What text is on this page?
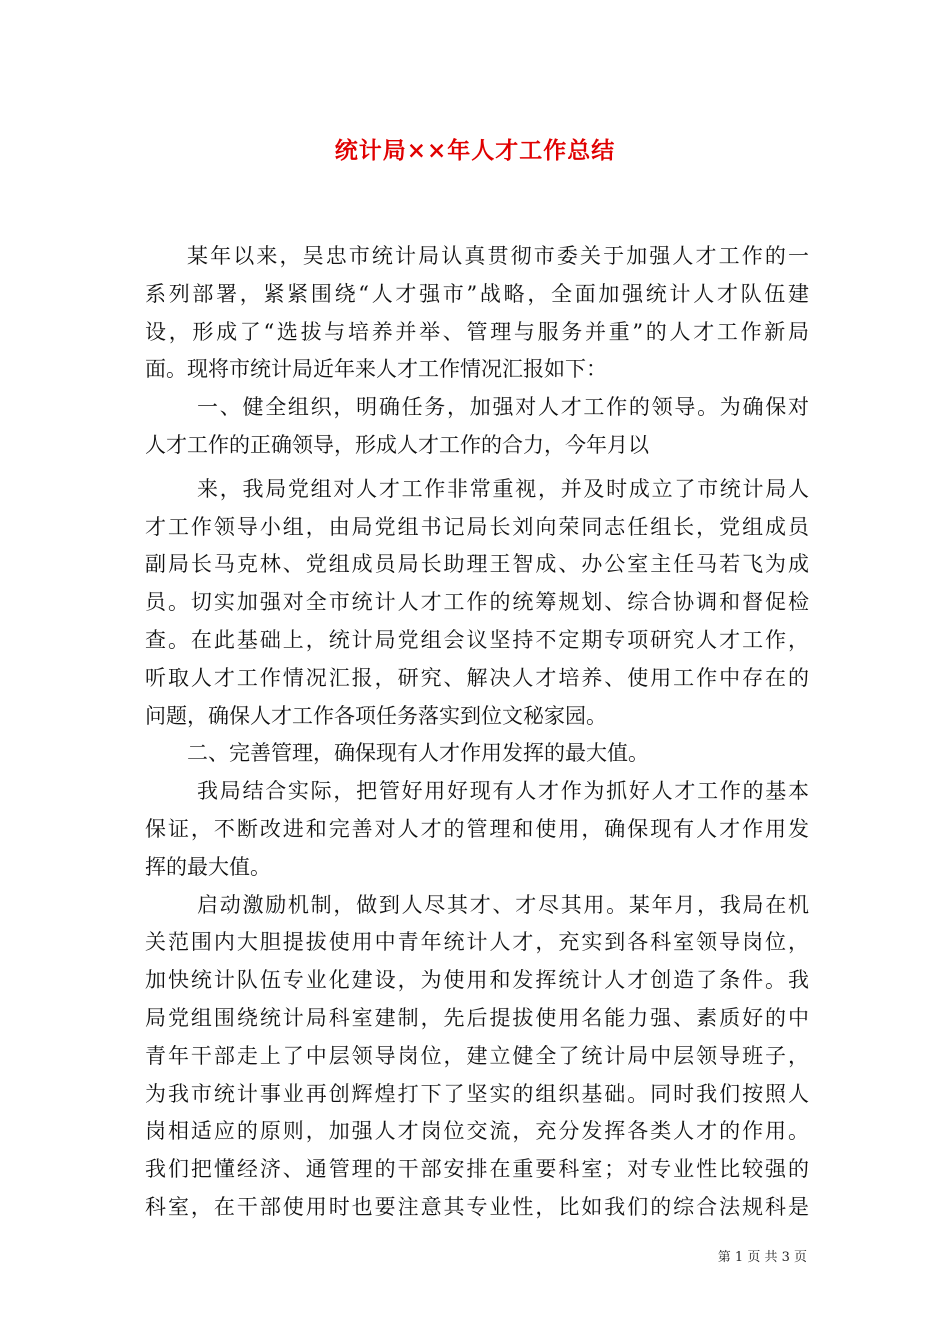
统计局××年人才工作总结
某年以来，吴忠市统计局认真贯彻市委关于加强人才工作的一
系列部署，紧紧围绕“人才强市”战略，全面加强统计人才队伍建
设，形成了“选拔与培养并举、管理与服务并重”的人才工作新局
面。现将市统计局近年来人才工作情况汇报如下：
一、健全组织，明确任务，加强对人才工作的领导。为确保对
人才工作的正确领导，形成人才工作的合力，今年月以
来，我局党组对人才工作非常重视，并及时成立了市统计局人
才工作领导小组，由局党组书记局长刘向荣同志任组长，党组成员
副局长马克林、党组成员局长助理王智成、办公室主任马若飞为成
员。切实加强对全市统计人才工作的统筹规划、综合协调和督促检
查。在此基础上，统计局党组会议坚持不定期专项研究人才工作，
听取人才工作情况汇报，研究、解决人才培养、使用工作中存在的
问题，确保人才工作各项任务落实到位文秘家园。
二、完善管理，确保现有人才作用发挥的最大值。
我局结合实际，把管好用好现有人才作为抓好人才工作的基本
保证，不断改进和完善对人才的管理和使用，确保现有人才作用发
挥的最大值。
启动激励机制，做到人尽其才、才尽其用。某年月，我局在机
关范围内大胆提拔使用中青年统计人才，充实到各科室领导岗位，
加快统计队伍专业化建设，为使用和发挥统计人才创造了条件。我
局党组围绕统计局科室建制，先后提拔使用名能力强、素质好的中
青年干部走上了中层领导岗位，建立健全了统计局中层领导班子，
为我市统计事业再创辉煌打下了坚实的组织基础。同时我们按照人
岗相适应的原则，加强人才岗位交流，充分发挥各类人才的作用。
我们把懂经济、通管理的干部安排在重要科室；对专业性比较强的
科室，在干部使用时也要注意其专业性，比如我们的综合法规科是
第 1 页 共 3 页
